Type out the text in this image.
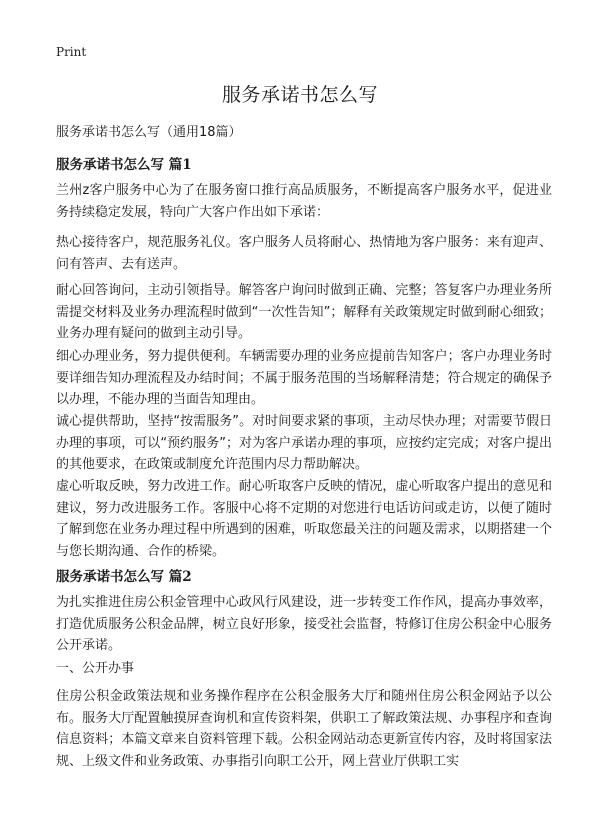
Print
服务承诺书怎么写

服务承诺书怎么写（通用18篇）

服务承诺书怎么写 篇1

兰州z客户服务中心为了在服务窗口推行高品质服务，不断提高客户服务水平，促进业务持续稳定发展，特向广大客户作出如下承诺：

热心接待客户，规范服务礼仪。客户服务人员将耐心、热情地为客户服务：来有迎声、问有答声、去有送声。

耐心回答询问，主动引领指导。解答客户询问时做到正确、完整；答复客户办理业务所需提交材料及业务办理流程时做到“一次性告知”；解释有关政策规定时做到耐心细致；业务办理有疑问的做到主动引导。

细心办理业务，努力提供便利。车辆需要办理的业务应提前告知客户；客户办理业务时要详细告知办理流程及办结时间；不属于服务范围的当场解释清楚；符合规定的确保予以办理，不能办理的当面告知理由。

诚心提供帮助，坚持“按需服务”。对时间要求紧的事项，主动尽快办理；对需要节假日办理的事项，可以“预约服务”；对为客户承诺办理的事项，应按约定完成；对客户提出的其他要求，在政策或制度允许范围内尽力帮助解决。

虚心听取反映，努力改进工作。耐心听取客户反映的情况，虚心听取客户提出的意见和建议，努力改进服务工作。客服中心将不定期的对您进行电话访问或走访，以便了随时了解到您在业务办理过程中所遇到的困难，听取您最关注的问题及需求，以期搭建一个与您长期沟通、合作的桥梁。

服务承诺书怎么写 篇2

为扎实推进住房公积金管理中心政风行风建设，进一步转变工作作风，提高办事效率，打造优质服务公积金品牌，树立良好形象，接受社会监督，特修订住房公积金中心服务公开承诺。

一、公开办事

住房公积金政策法规和业务操作程序在公积金服务大厅和随州住房公积金网站予以公布。服务大厅配置触摸屏查询机和宣传资料架，供职工了解政策法规、办事程序和查询信息资料；本篇文章来自资料管理下载。公积金网站动态更新宣传内容，及时将国家法规、上级文件和业务政策、办事指引向职工公开，网上营业厅供职工实
